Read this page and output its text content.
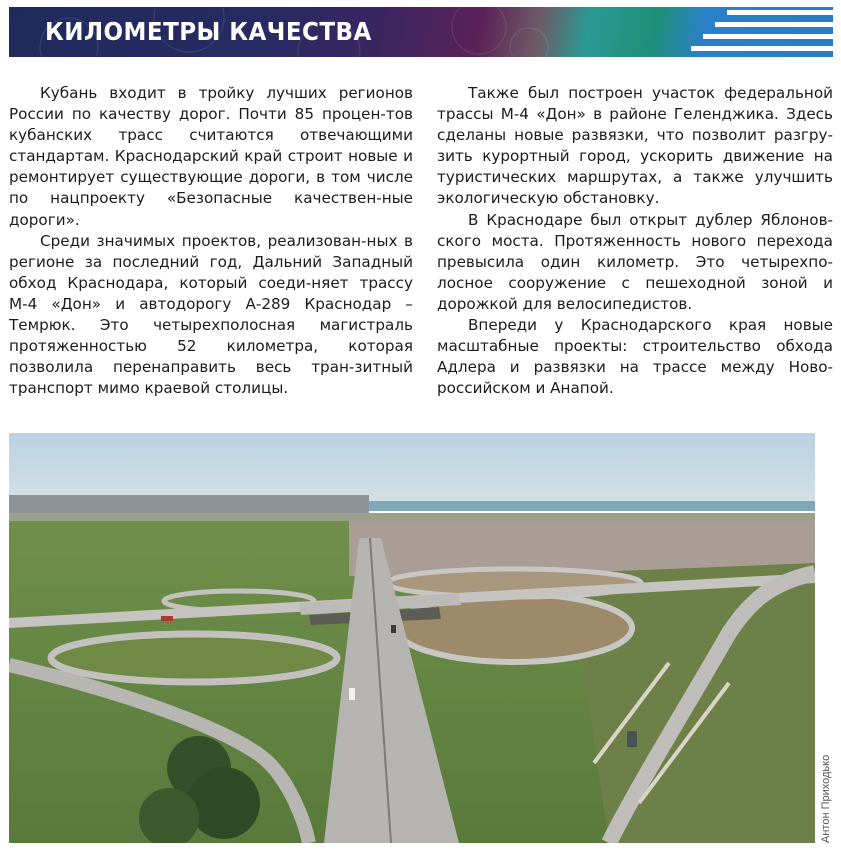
КИЛОМЕТРЫ КАЧЕСТВА

Кубань входит в тройку лучших регионов России по качеству дорог. Почти 85 процен-тов кубанских трасс считаются отвечающими стандартам. Краснодарский край строит новые и ремонтирует существующие дороги, в том числе по нацпроекту «Безопасные качествен-ные дороги».

Среди значимых проектов, реализован-ных в регионе за последний год, Дальний Западный обход Краснодара, который соеди-няет трассу М-4 «Дон» и автодорогу А-289 Краснодар – Темрюк. Это четырехполосная магистраль протяженностью 52 километра, которая позволила перенаправить весь тран-зитный транспорт мимо краевой столицы.

Также был построен участок федеральной трассы М-4 «Дон» в районе Геленджика. Здесь сделаны новые развязки, что позволит разгру-зить курортный город, ускорить движение на туристических маршрутах, а также улучшить экологическую обстановку.

В Краснодаре был открыт дублер Яблонов-ского моста. Протяженность нового перехода превысила один километр. Это четырехпо-лосное сооружение с пешеходной зоной и дорожкой для велосипедистов.

Впереди у Краснодарского края новые масштабные проекты: строительство обхода Адлера и развязки на трассе между Ново-российском и Анапой.

Антон Приходько
